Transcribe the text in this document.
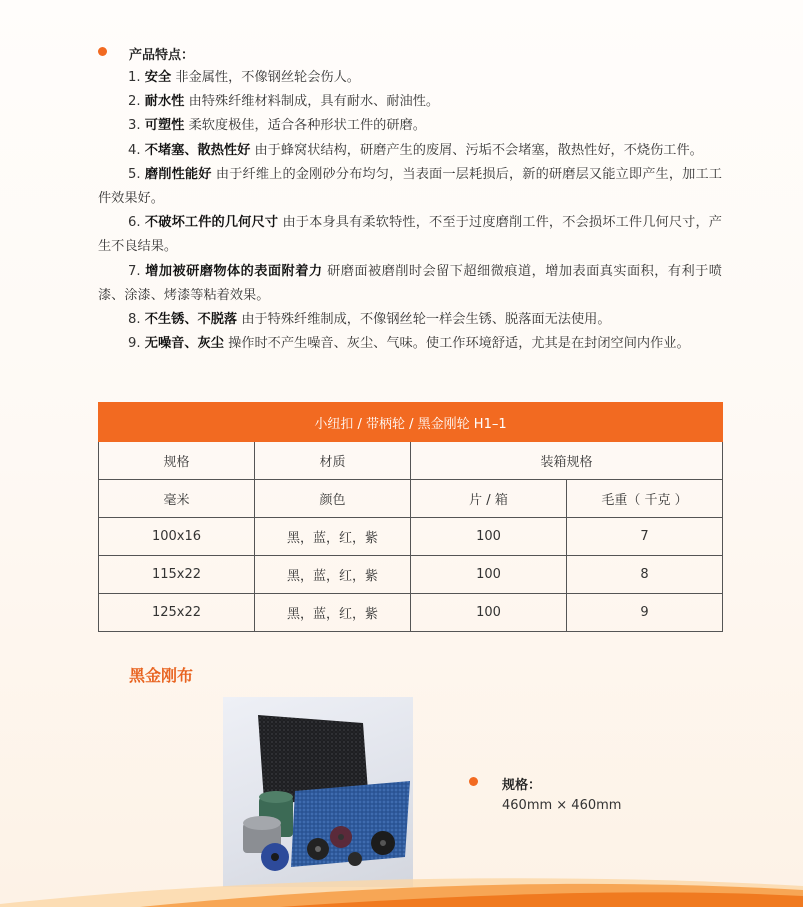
产品特点：
1. 安全 非金属性，不像钢丝轮会伤人。
2. 耐水性 由特殊纤维材料制成，具有耐水、耐油性。
3. 可塑性 柔软度极佳，适合各种形状工件的研磨。
4. 不堵塞、散热性好 由于蜂窝状结构，研磨产生的废屑、污垢不会堵塞，散热性好，不烧伤工件。
5. 磨削性能好 由于纤维上的金刚砂分布均匀，当表面一层耗损后，新的研磨层又能立即产生，加工工件效果好。
6. 不破坏工件的几何尺寸 由于本身具有柔软特性，不至于过度磨削工件，不会损坏工件几何尺寸，产生不良结果。
7. 增加被研磨物体的表面附着力 研磨面被磨削时会留下超细微痕道，增加表面真实面积，有利于喷漆、涂漆、烤漆等粘着效果。
8. 不生锈、不脱落 由于特殊纤维制成，不像钢丝轮一样会生锈、脱落面无法使用。
9. 无噪音、灰尘 操作时不产生噪音、灰尘、气味。使工作环境舒适，尤其是在封闭空间内作业。
小纽扣 / 带柄轮 / 黑金刚轮 H1–1			
规格	材质	装箱规格	
毫米	颜色	片 / 箱	毛重（ 千克 ）
100x16	黑，蓝，红，紫	100	7
115x22	黑，蓝，红，紫	100	8
125x22	黑，蓝，红，紫	100	9
黑金刚布
规格：
460mm × 460mm
